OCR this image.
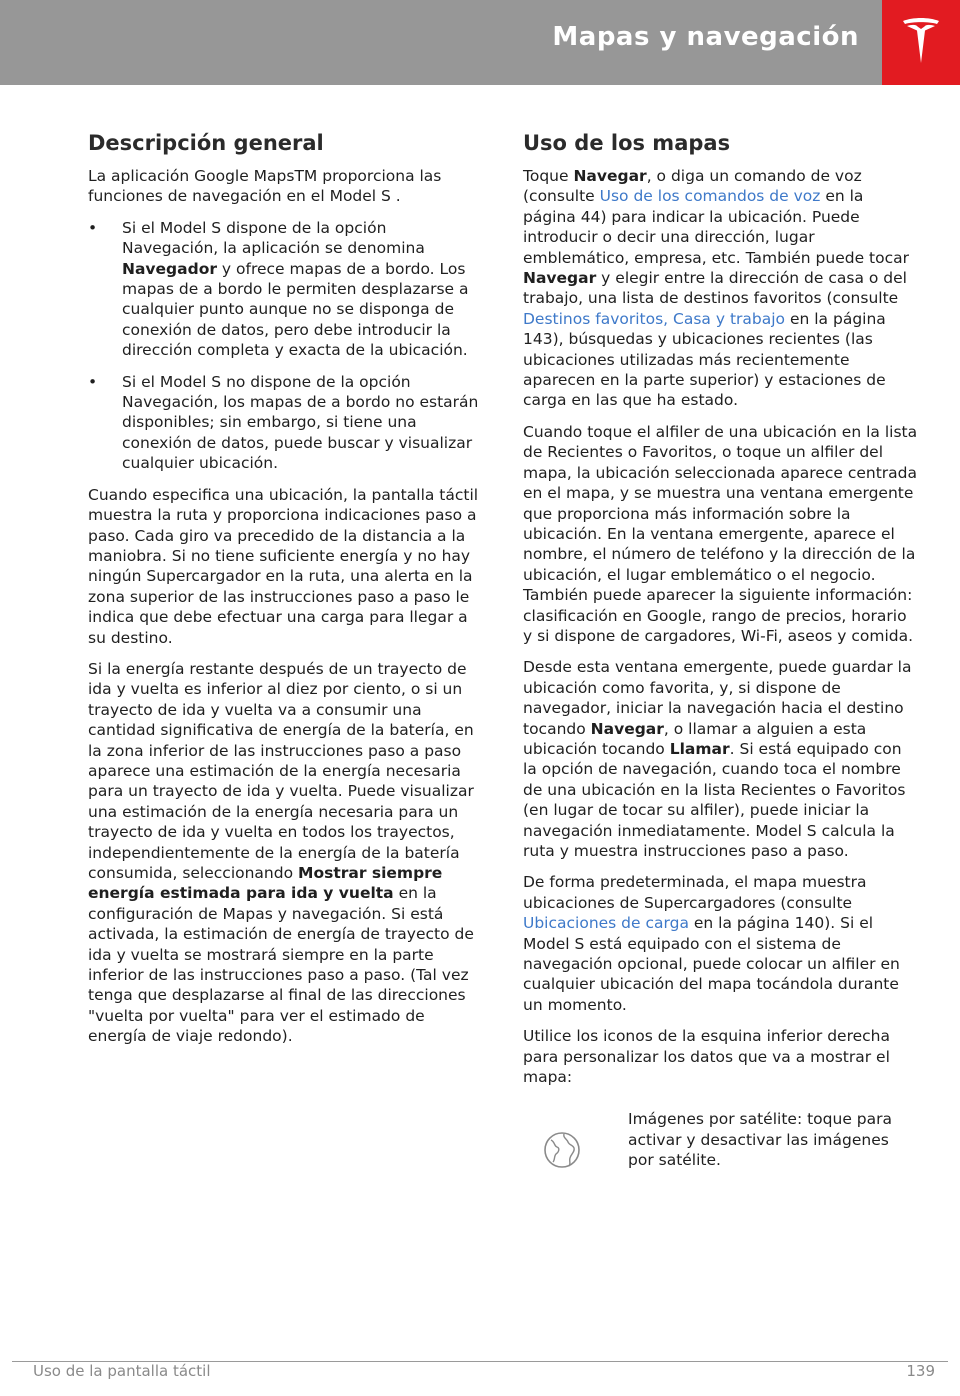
Mapas y navegación
Descripción general

La aplicación Google MapsTM proporciona las funciones de navegación en el Model S .

• Si el Model S dispone de la opción Navegación, la aplicación se denomina Navegador y ofrece mapas de a bordo. Los mapas de a bordo le permiten desplazarse a cualquier punto aunque no se disponga de conexión de datos, pero debe introducir la dirección completa y exacta de la ubicación.
• Si el Model S no dispone de la opción Navegación, los mapas de a bordo no estarán disponibles; sin embargo, si tiene una conexión de datos, puede buscar y visualizar cualquier ubicación.

Cuando especifica una ubicación, la pantalla táctil muestra la ruta y proporciona indicaciones paso a paso. Cada giro va precedido de la distancia a la maniobra. Si no tiene suficiente energía y no hay ningún Supercargador en la ruta, una alerta en la zona superior de las instrucciones paso a paso le indica que debe efectuar una carga para llegar a su destino.

Si la energía restante después de un trayecto de ida y vuelta es inferior al diez por ciento, o si un trayecto de ida y vuelta va a consumir una cantidad significativa de energía de la batería, en la zona inferior de las instrucciones paso a paso aparece una estimación de la energía necesaria para un trayecto de ida y vuelta. Puede visualizar una estimación de la energía necesaria para un trayecto de ida y vuelta en todos los trayectos, independientemente de la energía de la batería consumida, seleccionando Mostrar siempre energía estimada para ida y vuelta en la configuración de Mapas y navegación. Si está activada, la estimación de energía de trayecto de ida y vuelta se mostrará siempre en la parte inferior de las instrucciones paso a paso. (Tal vez tenga que desplazarse al final de las direcciones "vuelta por vuelta" para ver el estimado de energía de viaje redondo).

Uso de los mapas

Toque Navegar, o diga un comando de voz (consulte Uso de los comandos de voz en la página 44) para indicar la ubicación. Puede introducir o decir una dirección, lugar emblemático, empresa, etc. También puede tocar Navegar y elegir entre la dirección de casa o del trabajo, una lista de destinos favoritos (consulte Destinos favoritos, Casa y trabajo en la página 143), búsquedas y ubicaciones recientes (las ubicaciones utilizadas más recientemente aparecen en la parte superior) y estaciones de carga en las que ha estado.

Cuando toque el alfiler de una ubicación en la lista de Recientes o Favoritos, o toque un alfiler del mapa, la ubicación seleccionada aparece centrada en el mapa, y se muestra una ventana emergente que proporciona más información sobre la ubicación. En la ventana emergente, aparece el nombre, el número de teléfono y la dirección de la ubicación, el lugar emblemático o el negocio. También puede aparecer la siguiente información: clasificación en Google, rango de precios, horario y si dispone de cargadores, Wi-Fi, aseos y comida.

Desde esta ventana emergente, puede guardar la ubicación como favorita, y, si dispone de navegador, iniciar la navegación hacia el destino tocando Navegar, o llamar a alguien a esta ubicación tocando Llamar. Si está equipado con la opción de navegación, cuando toca el nombre de una ubicación en la lista Recientes o Favoritos (en lugar de tocar su alfiler), puede iniciar la navegación inmediatamente. Model S calcula la ruta y muestra instrucciones paso a paso.

De forma predeterminada, el mapa muestra ubicaciones de Supercargadores (consulte Ubicaciones de carga en la página 140). Si el Model S está equipado con el sistema de navegación opcional, puede colocar un alfiler en cualquier ubicación del mapa tocándola durante un momento.

Utilice los iconos de la esquina inferior derecha para personalizar los datos que va a mostrar el mapa:

Imágenes por satélite: toque para activar y desactivar las imágenes por satélite.

Uso de la pantalla táctil	139
